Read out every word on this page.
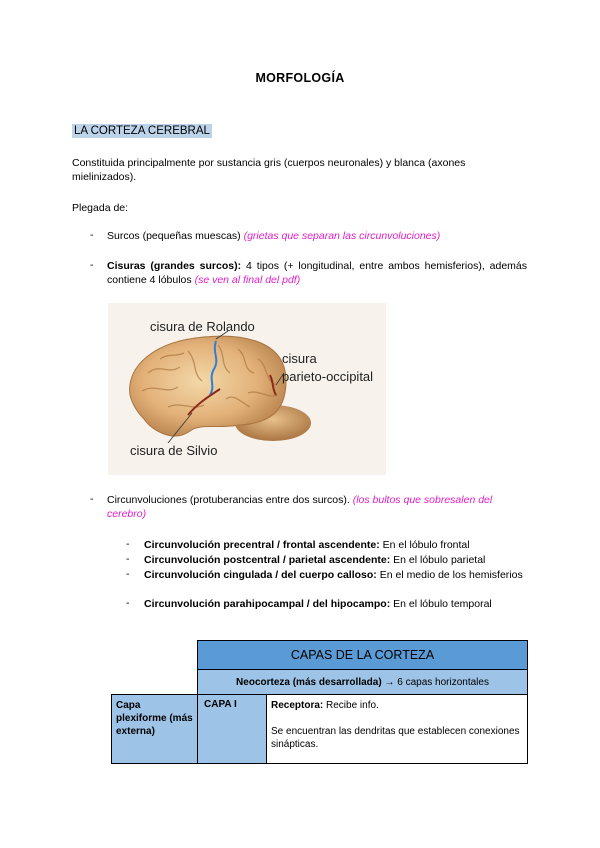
MORFOLOGÍA
LA CORTEZA CEREBRAL
Constituida principalmente por sustancia gris (cuerpos neuronales) y blanca (axones mielinizados).
Plegada de:
- Surcos (pequeñas muescas) (grietas que separan las circunvoluciones)
- Cisuras (grandes surcos): 4 tipos (+ longitudinal, entre ambos hemisferios), además contiene 4 lóbulos (se ven al final del pdf)
cisura de Rolando
cisura
parieto-occipital
cisura de Silvio
- Circunvoluciones (protuberancias entre dos surcos). (los bultos que sobresalen del cerebro)
- Circunvolución precentral / frontal ascendente: En el lóbulo frontal
- Circunvolución postcentral / parietal ascendente: En el lóbulo parietal
- Circunvolución cingulada / del cuerpo calloso: En el medio de los hemisferios
- Circunvolución parahipocampal / del hipocampo: En el lóbulo temporal
	CAPAS DE LA CORTEZA	
	Neocorteza (más desarrollada) → 6 capas horizontales	
Capa plexiforme (más externa)	CAPA I	Receptora: Recibe info.
Se encuentran las dendritas que establecen conexiones sinápticas.
